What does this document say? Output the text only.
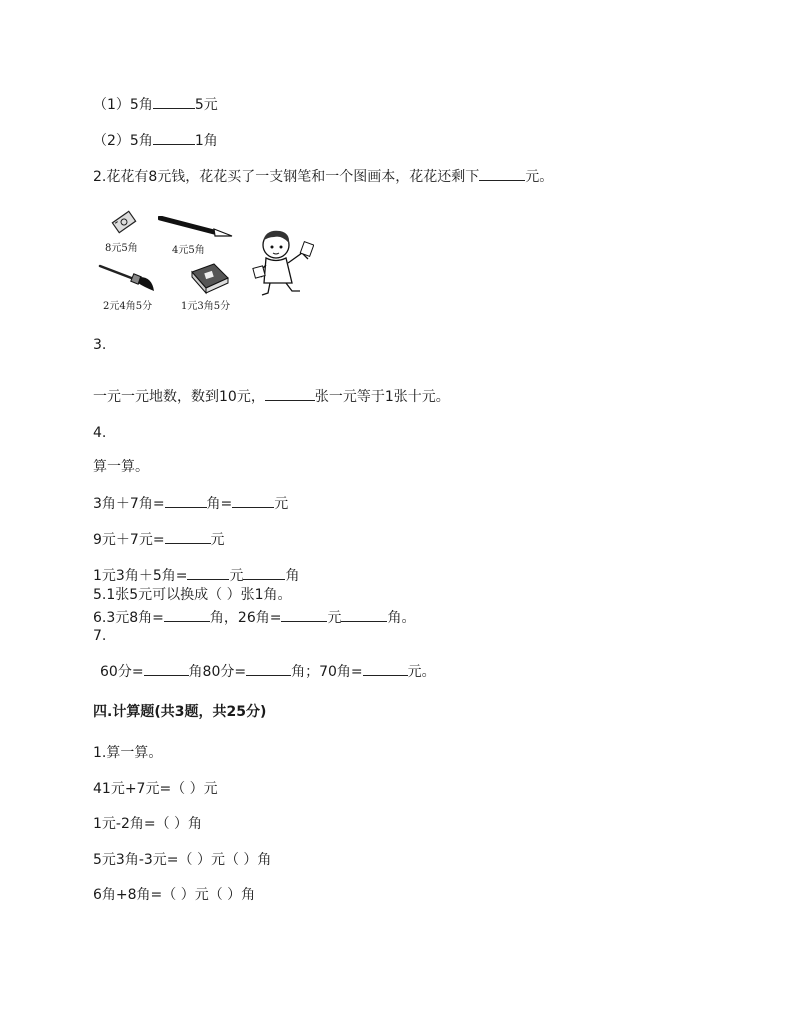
（1）5角	5元
（2）5角	1角
2.花花有8元钱，花花买了一支钢笔和一个图画本，花花还剩下	元。
8元5角	4元5角
2元4角5分	1元3角5分
3.
一元一元地数，数到10元，	张一元等于1张十元。
4.
算一算。
3角＋7角=	角=	元
9元＋7元=	元
1元3角＋5角=	元	角
5.1张5元可以换成（ ）张1角。
6.3元8角=	角，26角=	元	角。
7.
60分=	角80分=	角；70角=	元。
四.计算题(共3题，共25分)
1.算一算。
41元+7元=（ ）元
1元-2角=（ ）角
5元3角-3元=（ ）元（ ）角
6角+8角=（ ）元（ ）角
